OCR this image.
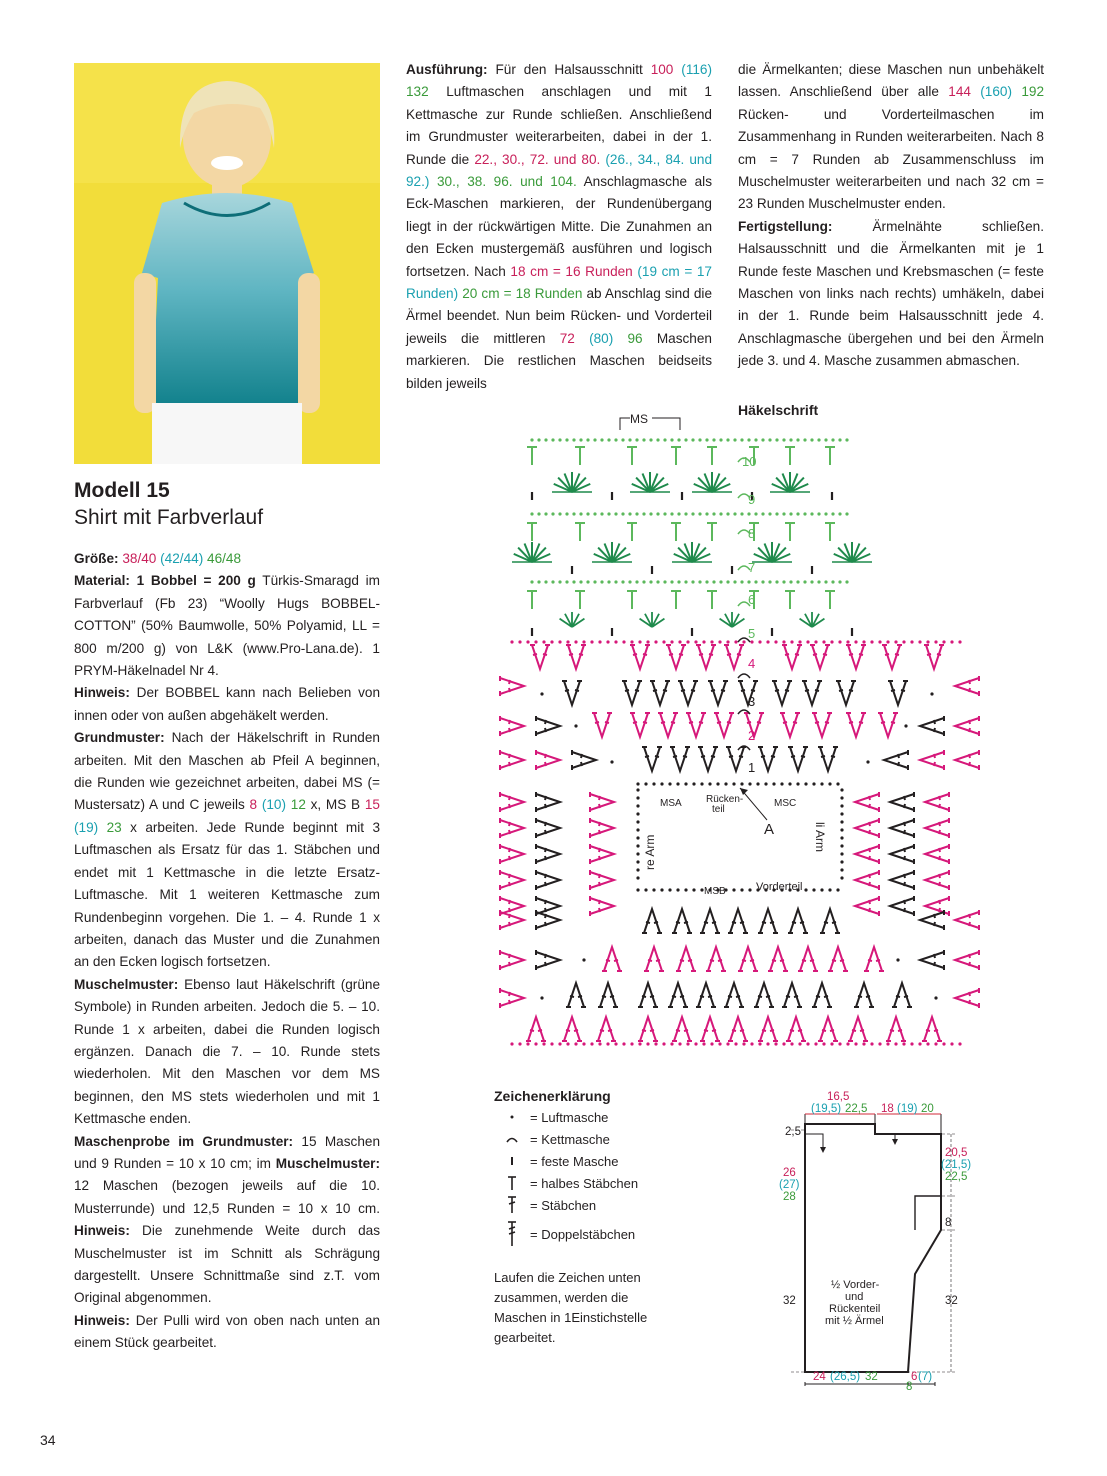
Modell 15
Shirt mit Farbverlauf

Größe: 38/40 (42/44) 46/48

Material: 1 Bobbel = 200 g Türkis-Smaragd im Farbverlauf (Fb 23) “Woolly Hugs BOBBEL-COTTON” (50% Baumwolle, 50% Polyamid, LL = 800 m/200 g) von L&K (www.Pro-Lana.de). 1 PRYM-Häkelnadel Nr 4.

Hinweis: Der BOBBEL kann nach Belieben von innen oder von außen abgehäkelt werden.

Grundmuster: Nach der Häkelschrift in Runden arbeiten. Mit den Maschen ab Pfeil A beginnen, die Runden wie gezeichnet arbeiten, dabei MS (= Mustersatz) A und C jeweils 8 (10) 12 x, MS B 15 (19) 23 x arbeiten. Jede Runde beginnt mit 3 Luftmaschen als Ersatz für das 1. Stäbchen und endet mit 1 Kettmasche in die letzte Ersatz-Luftmasche. Mit 1 weiteren Kettmasche zum Rundenbeginn vorgehen. Die 1. – 4. Runde 1 x arbeiten, danach das Muster und die Zunahmen an den Ecken logisch fortsetzen.

Muschelmuster: Ebenso laut Häkelschrift (grüne Symbole) in Runden arbeiten. Jedoch die 5. – 10. Runde 1 x arbeiten, dabei die Runden logisch ergänzen. Danach die 7. – 10. Runde stets wiederholen. Mit den Maschen vor dem MS beginnen, den MS stets wiederholen und mit 1 Kettmasche enden.

Maschenprobe im Grundmuster: 15 Maschen und 9 Runden = 10 x 10 cm; im Muschelmuster: 12 Maschen (bezogen jeweils auf die 10. Musterrunde) und 12,5 Runden = 10 x 10 cm. Hinweis: Die zunehmende Weite durch das Muschelmuster ist im Schnitt als Schrägung dargestellt. Unsere Schnittmaße sind z.T. vom Original abgenommen.

Hinweis: Der Pulli wird von oben nach unten an einem Stück gearbeitet.

Ausführung: Für den Halsausschnitt 100 (116) 132 Luftmaschen anschlagen und mit 1 Kettmasche zur Runde schließen. Anschließend im Grundmuster weiterarbeiten, dabei in der 1. Runde die 22., 30., 72. und 80. (26., 34., 84. und 92.) 30., 38. 96. und 104. Anschlagmasche als Eck-Maschen markieren, der Rundenübergang liegt in der rückwärtigen Mitte. Die Zunahmen an den Ecken mustergemäß ausführen und logisch fortsetzen. Nach 18 cm = 16 Runden (19 cm = 17 Runden) 20 cm = 18 Runden ab Anschlag sind die Ärmel beendet. Nun beim Rücken- und Vorderteil jeweils die mittleren 72 (80) 96 Maschen markieren. Die restlichen Maschen beidseits bilden jeweils

die Ärmelkanten; diese Maschen nun unbehäkelt lassen. Anschließend über alle 144 (160) 192 Rücken- und Vorderteilmaschen im Zusammenhang in Runden weiterarbeiten. Nach 8 cm = 7 Runden ab Zusammenschluss im Muschelmuster weiterarbeiten und nach 32 cm = 23 Runden Muschelmuster enden.

Fertigstellung:	Ärmelnähte schließen. Halsausschnitt und die Ärmelkanten mit je 1 Runde feste Maschen und Krebsmaschen (= feste Maschen von links nach rechts) umhäkeln, dabei in der 1. Runde beim Halsausschnitt jede 4. Anschlagmasche übergehen und bei den Ärmeln jede 3. und 4. Masche zusammen abmaschen.

Häkelschrift
MS
MSA Rücken-
teil
MSC
MSB	Vorderteil
A
re Arm	li Arm
1
2
3
4
5
6
7
8
9
10
Zeichenerklärung
= Luftmasche
= Kettmasche
= feste Masche
= halbes Stäbchen
= Stäbchen
= Doppelstäbchen
Laufen die Zeichen unten zusammen, werden die Maschen in 1Einstichstelle gearbeitet.
16,5
(19,5) 22,5 18 (19) 20
2,5
26
(27)
28
20,5
(21,5)
22,5
8
32	32
½ Vorder-
und
Rückenteil
mit ½ Ärmel
24 (26,5) 32	6 (7)
8
34
